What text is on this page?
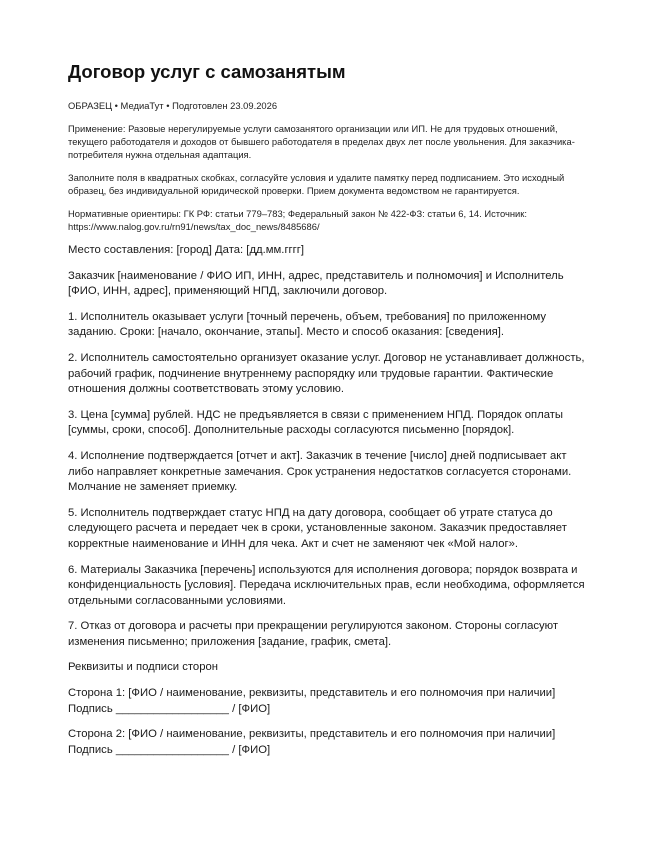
Договор услуг с самозанятым

ОБРАЗЕЦ • МедиаТут • Подготовлен 23.09.2026

Применение: Разовые нерегулируемые услуги самозанятого организации или ИП. Не для трудовых отношений, текущего работодателя и доходов от бывшего работодателя в пределах двух лет после увольнения. Для заказчика-потребителя нужна отдельная адаптация.

Заполните поля в квадратных скобках, согласуйте условия и удалите памятку перед подписанием. Это исходный образец, без индивидуальной юридической проверки. Прием документа ведомством не гарантируется.

Нормативные ориентиры: ГК РФ: статьи 779–783; Федеральный закон № 422-ФЗ: статьи 6, 14. Источник: https://www.nalog.gov.ru/rn91/news/tax_doc_news/8485686/

Место составления: [город] Дата: [дд.мм.гггг]

Заказчик [наименование / ФИО ИП, ИНН, адрес, представитель и полномочия] и Исполнитель [ФИО, ИНН, адрес], применяющий НПД, заключили договор.

1. Исполнитель оказывает услуги [точный перечень, объем, требования] по приложенному заданию. Сроки: [начало, окончание, этапы]. Место и способ оказания: [сведения].

2. Исполнитель самостоятельно организует оказание услуг. Договор не устанавливает должность, рабочий график, подчинение внутреннему распорядку или трудовые гарантии. Фактические отношения должны соответствовать этому условию.

3. Цена [сумма] рублей. НДС не предъявляется в связи с применением НПД. Порядок оплаты [суммы, сроки, способ]. Дополнительные расходы согласуются письменно [порядок].

4. Исполнение подтверждается [отчет и акт]. Заказчик в течение [число] дней подписывает акт либо направляет конкретные замечания. Срок устранения недостатков согласуется сторонами. Молчание не заменяет приемку.

5. Исполнитель подтверждает статус НПД на дату договора, сообщает об утрате статуса до следующего расчета и передает чек в сроки, установленные законом. Заказчик предоставляет корректные наименование и ИНН для чека. Акт и счет не заменяют чек «Мой налог».

6. Материалы Заказчика [перечень] используются для исполнения договора; порядок возврата и конфиденциальность [условия]. Передача исключительных прав, если необходима, оформляется отдельными согласованными условиями.

7. Отказ от договора и расчеты при прекращении регулируются законом. Стороны согласуют изменения письменно; приложения [задание, график, смета].

Реквизиты и подписи сторон

Сторона 1: [ФИО / наименование, реквизиты, представитель и его полномочия при наличии]
Подпись __________________ / [ФИО]

Сторона 2: [ФИО / наименование, реквизиты, представитель и его полномочия при наличии]
Подпись __________________ / [ФИО]
